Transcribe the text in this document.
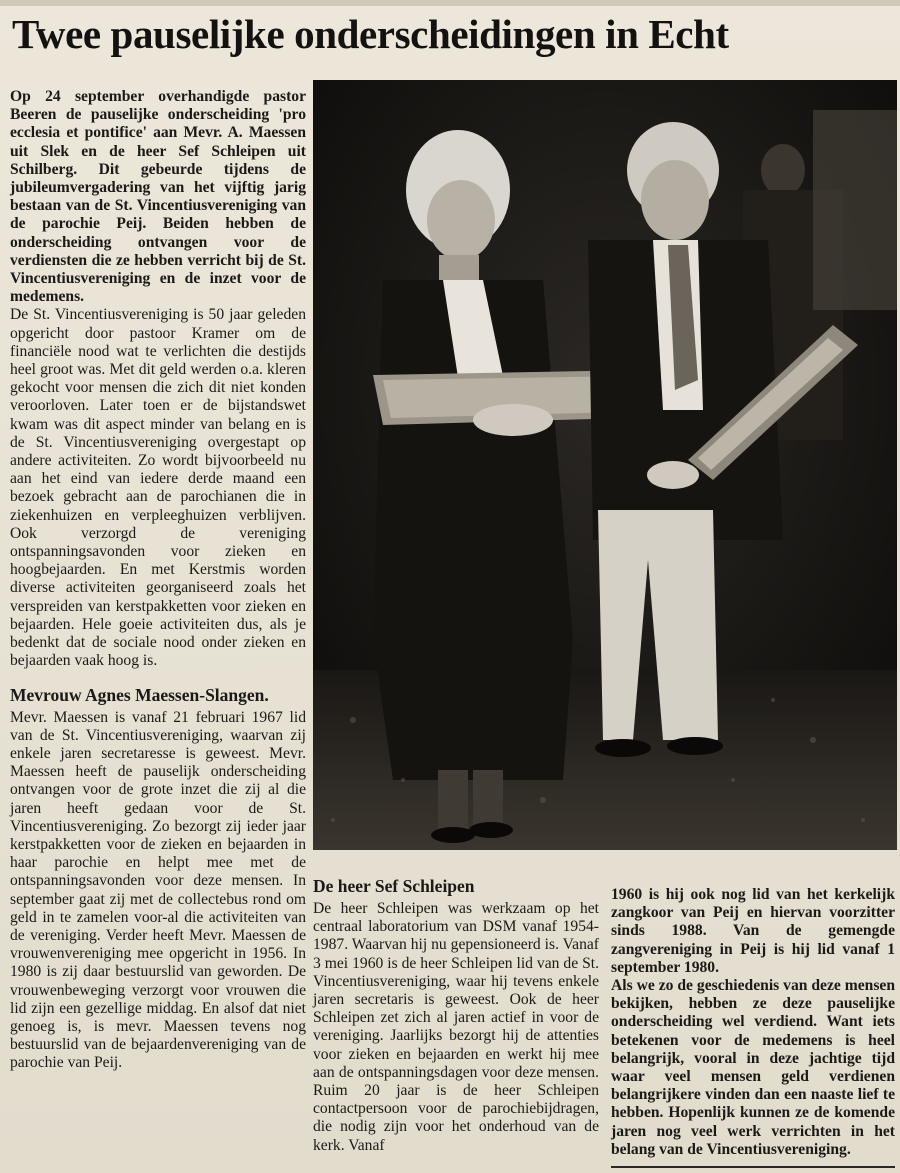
Twee pauselijke onderscheidingen in Echt

Op 24 september overhandigde pastor Beeren de pauselijke onderscheiding 'pro ecclesia et pontifice' aan Mevr. A. Maessen uit Slek en de heer Sef Schleipen uit Schilberg. Dit gebeurde tijdens de jubileumvergadering van het vijftig jarig bestaan van de St. Vincentiusvereniging van de parochie Peij. Beiden hebben de onderscheiding ontvangen voor de verdiensten die ze hebben verricht bij de St. Vincentiusvereniging en de inzet voor de medemens.

De St. Vincentiusvereniging is 50 jaar geleden opgericht door pastoor Kramer om de financiële nood wat te verlichten die destijds heel groot was. Met dit geld werden o.a. kleren gekocht voor mensen die zich dit niet konden veroorloven. Later toen er de bijstandswet kwam was dit aspect minder van belang en is de St. Vincentiusvereniging overgestapt op andere activiteiten. Zo wordt bijvoorbeeld nu aan het eind van iedere derde maand een bezoek gebracht aan de parochianen die in ziekenhuizen en verpleeghuizen verblijven. Ook verzorgd de vereniging ontspanningsavonden voor zieken en hoogbejaarden. En met Kerstmis worden diverse activiteiten georganiseerd zoals het verspreiden van kerstpakketten voor zieken en bejaarden. Hele goeie activiteiten dus, als je bedenkt dat de sociale nood onder zieken en bejaarden vaak hoog is.

Mevrouw Agnes Maessen-Slangen.

Mevr. Maessen is vanaf 21 februari 1967 lid van de St. Vincentiusvereniging, waarvan zij enkele jaren secretaresse is geweest. Mevr. Maessen heeft de pauselijk onderscheiding ontvangen voor de grote inzet die zij al die jaren heeft gedaan voor de St. Vincentiusvereniging. Zo bezorgt zij ieder jaar kerstpakketten voor de zieken en bejaarden in haar parochie en helpt mee met de ontspanningsavonden voor deze mensen. In september gaat zij met de collectebus rond om geld in te zamelen voor-al die activiteiten van de vereniging. Verder heeft Mevr. Maessen de vrouwenvereniging mee opgericht in 1956. In 1980 is zij daar bestuurslid van geworden. De vrouwenbeweging verzorgt voor vrouwen die lid zijn een gezellige middag. En alsof dat niet genoeg is, is mevr. Maessen tevens nog bestuurslid van de bejaardenvereniging van de parochie van Peij.

De heer Sef Schleipen

De heer Schleipen was werkzaam op het centraal laboratorium van DSM vanaf 1954-1987. Waarvan hij nu gepensioneerd is. Vanaf 3 mei 1960 is de heer Schleipen lid van de St. Vincentiusvereniging, waar hij tevens enkele jaren secretaris is geweest. Ook de heer Schleipen zet zich al jaren actief in voor de vereniging. Jaarlijks bezorgt hij de attenties voor zieken en bejaarden en werkt hij mee aan de ontspanningsdagen voor deze mensen. Ruim 20 jaar is de heer Schleipen contactpersoon voor de parochiebijdragen, die nodig zijn voor het onderhoud van de kerk. Vanaf

1960 is hij ook nog lid van het kerkelijk zangkoor van Peij en hiervan voorzitter sinds 1988. Van de gemengde zangvereniging in Peij is hij lid vanaf 1 september 1980.

Als we zo de geschiedenis van deze mensen bekijken, hebben ze deze pauselijke onderscheiding wel verdiend. Want iets betekenen voor de medemens is heel belangrijk, vooral in deze jachtige tijd waar veel mensen geld verdienen belangrijkere vinden dan een naaste lief te hebben. Hopenlijk kunnen ze de komende jaren nog veel werk verrichten in het belang van de Vincentiusvereniging.
